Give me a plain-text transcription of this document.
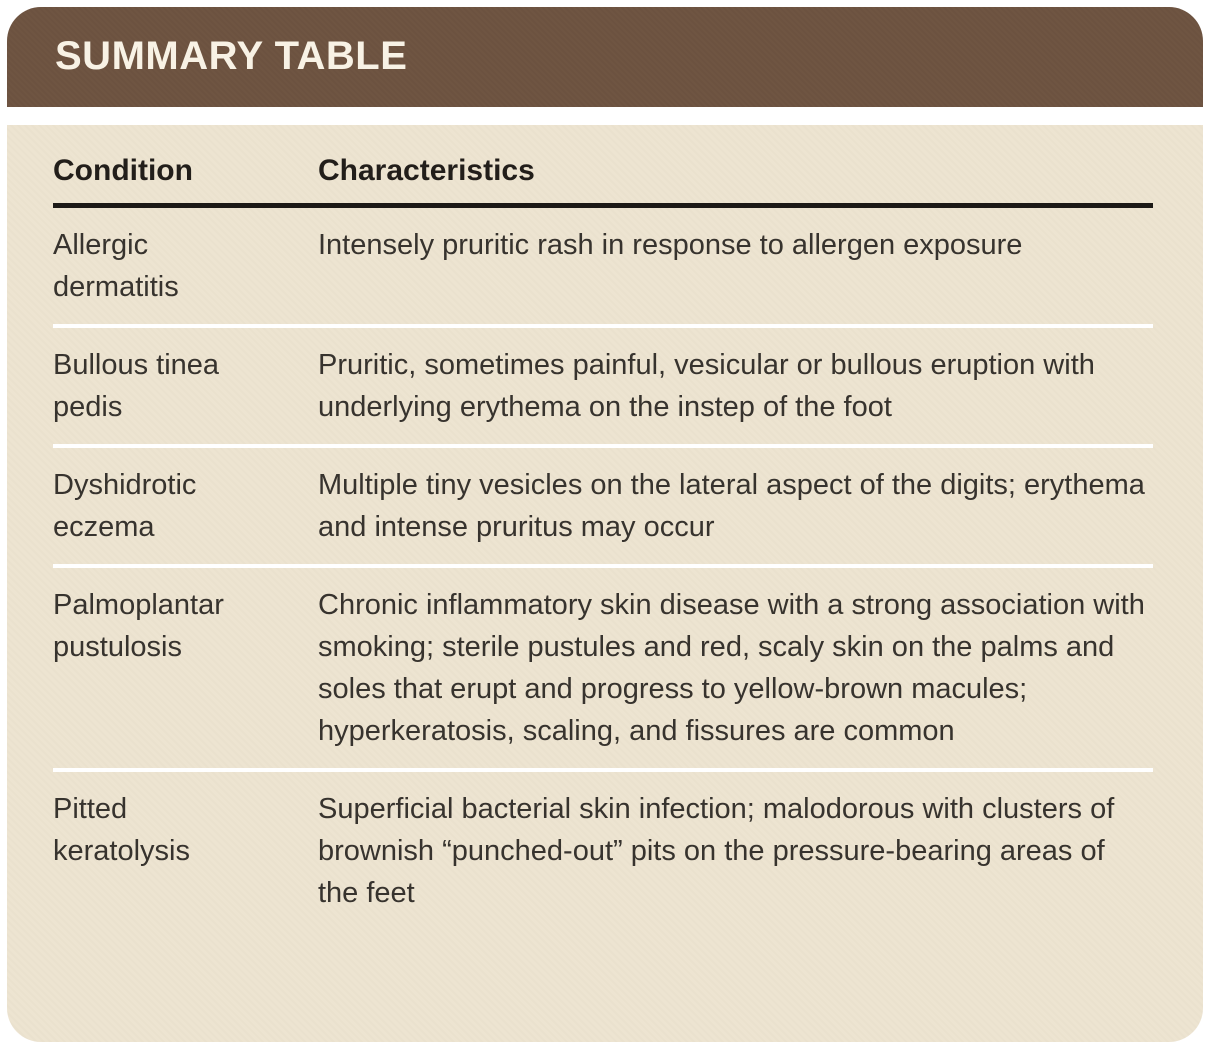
SUMMARY TABLE
Condition	Characteristics
Allergic dermatitis	Intensely pruritic rash in response to allergen exposure
Bullous tinea pedis	Pruritic, sometimes painful, vesicular or bullous eruption with underlying erythema on the instep of the foot
Dyshidrotic eczema	Multiple tiny vesicles on the lateral aspect of the digits; erythema and intense pruritus may occur
Palmoplantar pustulosis	Chronic inflammatory skin disease with a strong association with smoking; sterile pustules and red, scaly skin on the palms and soles that erupt and progress to yellow-brown macules; hyperkeratosis, scaling, and fissures are common
Pitted keratolysis	Superficial bacterial skin infection; malodorous with clusters of brownish “punched-out” pits on the pressure-bearing areas of the feet
